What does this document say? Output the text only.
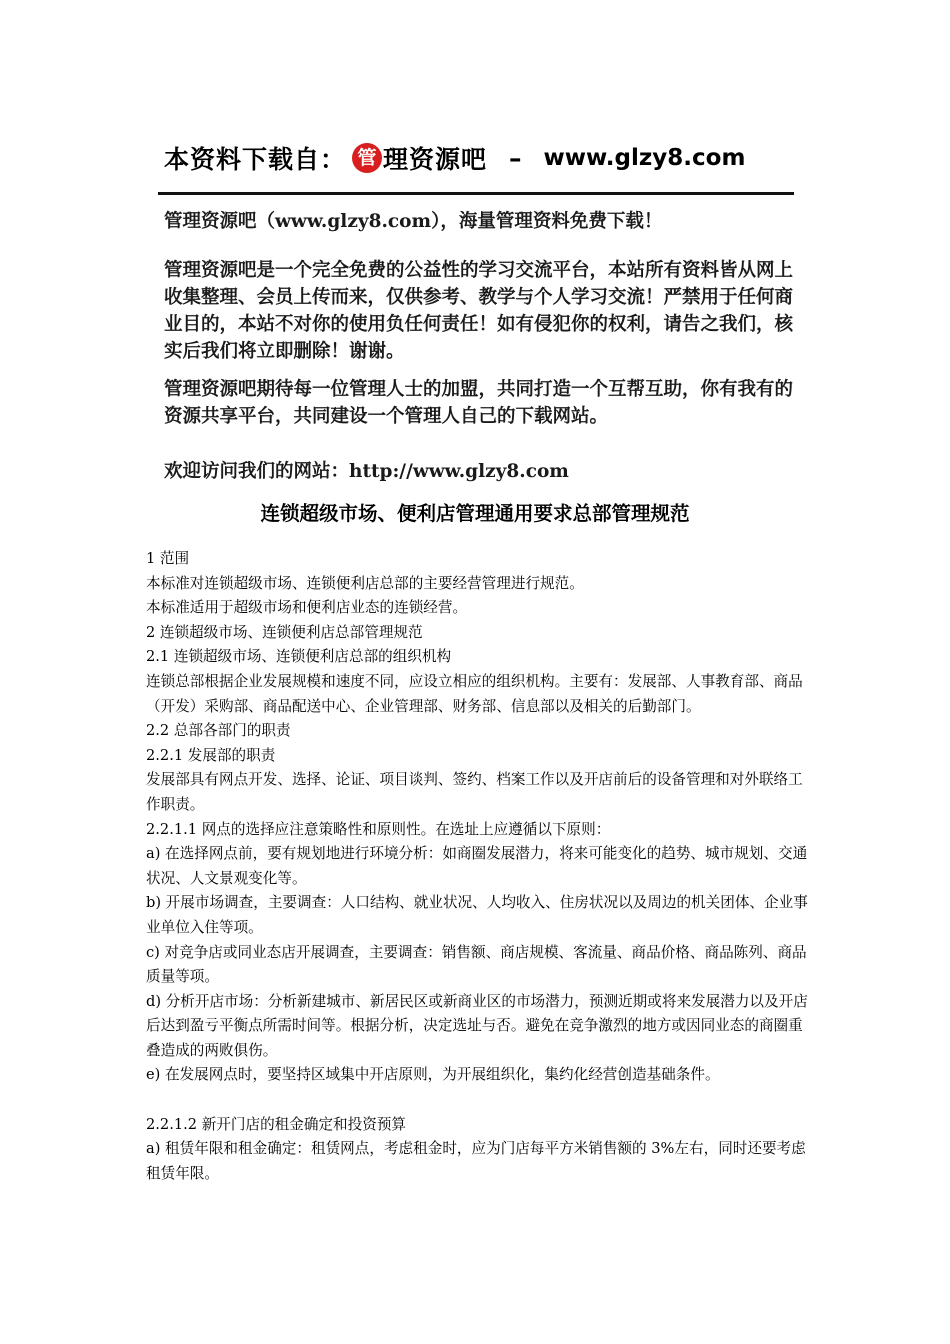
本资料下载自： 管 理资源吧 – www.glzy8.com
管理资源吧（www.glzy8.com），海量管理资料免费下载！
管理资源吧是一个完全免费的公益性的学习交流平台，本站所有资料皆从网上收集整理、会员上传而来，仅供参考、教学与个人学习交流！严禁用于任何商业目的，本站不对你的使用负任何责任！如有侵犯你的权利，请告之我们，核实后我们将立即删除！谢谢。
管理资源吧期待每一位管理人士的加盟，共同打造一个互帮互助，你有我有的资源共享平台，共同建设一个管理人自己的下载网站。
欢迎访问我们的网站：http://www.glzy8.com
连锁超级市场、便利店管理通用要求总部管理规范

1 范围

本标准对连锁超级市场、连锁便利店总部的主要经营管理进行规范。

本标准适用于超级市场和便利店业态的连锁经营。

2 连锁超级市场、连锁便利店总部管理规范

2.1 连锁超级市场、连锁便利店总部的组织机构

连锁总部根据企业发展规模和速度不同，应设立相应的组织机构。主要有：发展部、人事教育部、商品（开发）采购部、商品配送中心、企业管理部、财务部、信息部以及相关的后勤部门。

2.2 总部各部门的职责

2.2.1 发展部的职责

发展部具有网点开发、选择、论证、项目谈判、签约、档案工作以及开店前后的设备管理和对外联络工作职责。

2.2.1.1 网点的选择应注意策略性和原则性。在选址上应遵循以下原则：

a) 在选择网点前，要有规划地进行环境分析：如商圈发展潜力，将来可能变化的趋势、城市规划、交通状况、人文景观变化等。

b) 开展市场调查，主要调查：人口结构、就业状况、人均收入、住房状况以及周边的机关团体、企业事业单位入住等项。

c) 对竞争店或同业态店开展调查，主要调查：销售额、商店规模、客流量、商品价格、商品陈列、商品质量等项。

d) 分析开店市场：分析新建城市、新居民区或新商业区的市场潜力，预测近期或将来发展潜力以及开店后达到盈亏平衡点所需时间等。根据分析，决定选址与否。避免在竞争激烈的地方或因同业态的商圈重叠造成的两败俱伤。

e) 在发展网点时，要坚持区域集中开店原则，为开展组织化，集约化经营创造基础条件。

2.2.1.2 新开门店的租金确定和投资预算

a) 租赁年限和租金确定：租赁网点，考虑租金时，应为门店每平方米销售额的 3%左右，同时还要考虑租赁年限。
